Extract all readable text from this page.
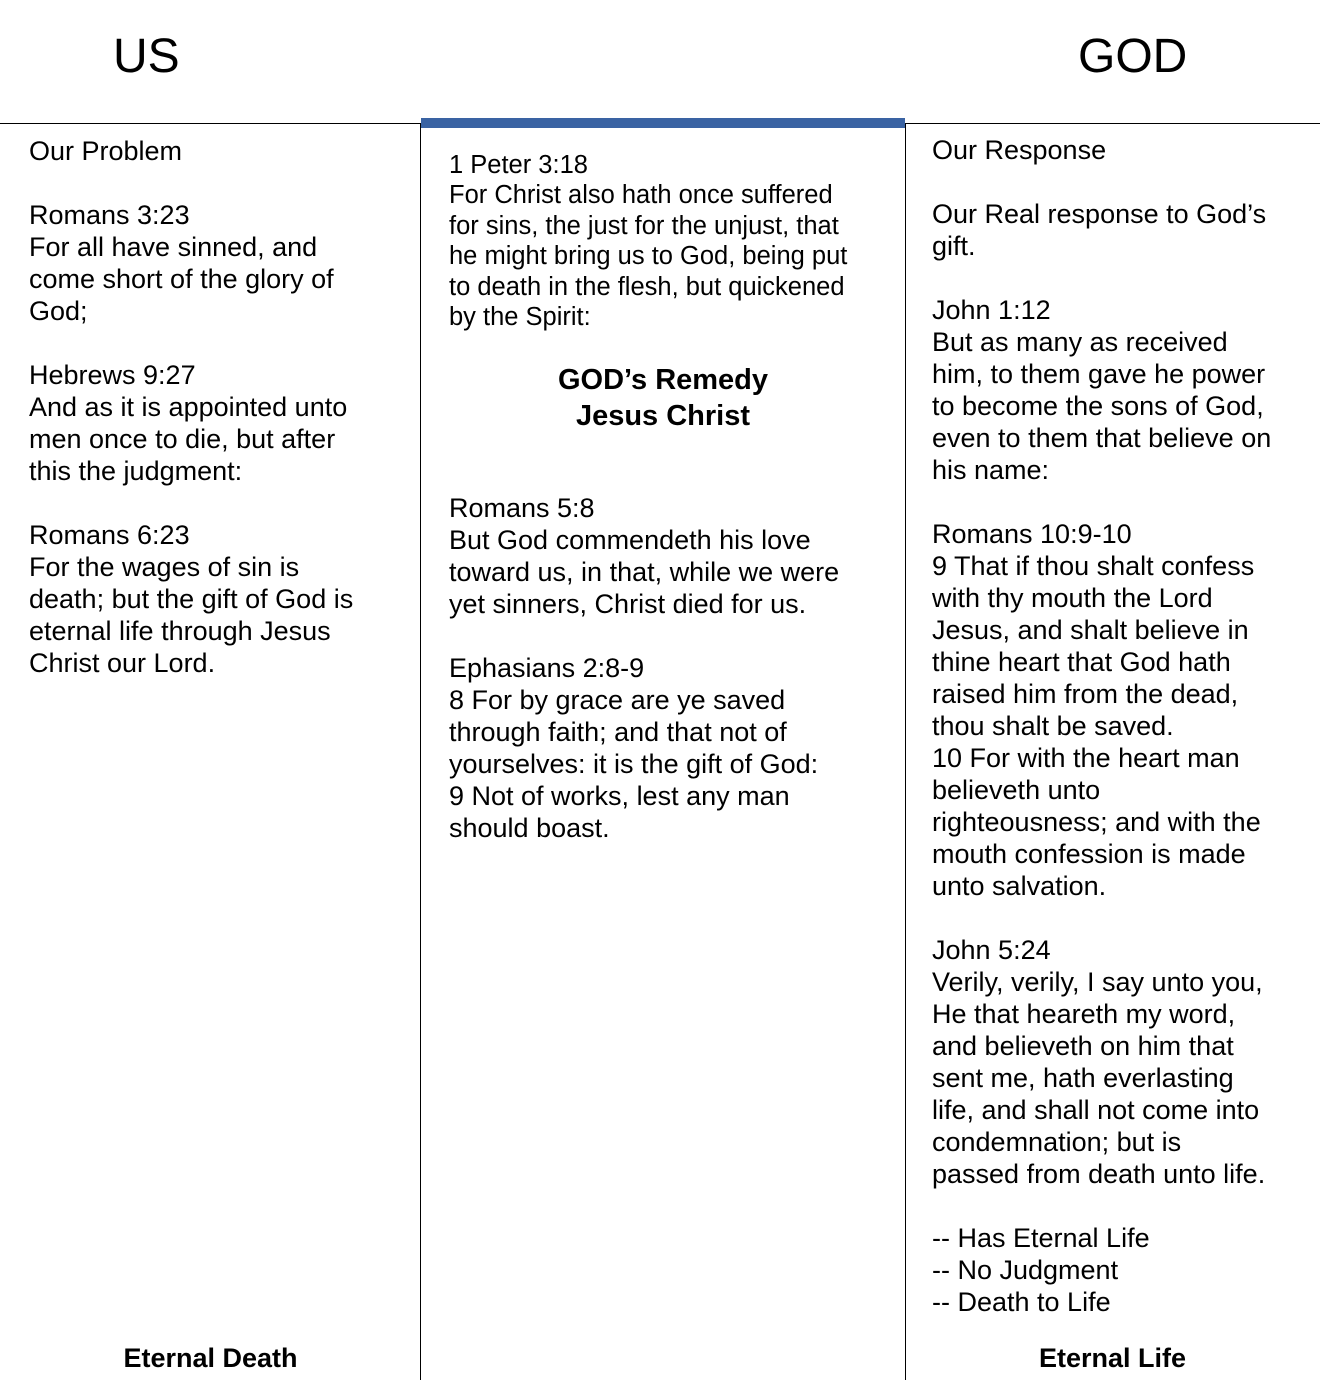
US	GOD
Our Problem
Romans 3:23
For all have sinned, and
come short of the glory of
God;
Hebrews 9:27
And as it is appointed unto
men once to die, but after
this the judgment:
Romans 6:23
For the wages of sin is
death; but the gift of God is
eternal life through Jesus
Christ our Lord.
1 Peter 3:18
For Christ also hath once suffered
for sins, the just for the unjust, that
he might bring us to God, being put
to death in the flesh, but quickened
by the Spirit:
Romans 5:8
But God commendeth his love
toward us, in that, while we were
yet sinners, Christ died for us.
Ephasians 2:8-9
8 For by grace are ye saved
through faith; and that not of
yourselves: it is the gift of God:
9 Not of works, lest any man
should boast.
Our Response
Our Real response to God’s
gift.
John 1:12
But as many as received
him, to them gave he power
to become the sons of God,
even to them that believe on
his name:
Romans 10:9-10
9 That if thou shalt confess
with thy mouth the Lord
Jesus, and shalt believe in
thine heart that God hath
raised him from the dead,
thou shalt be saved.
10 For with the heart man
believeth unto
righteousness; and with the
mouth confession is made
unto salvation.
John 5:24
Verily, verily, I say unto you,
He that heareth my word,
and believeth on him that
sent me, hath everlasting
life, and shall not come into
condemnation; but is
passed from death unto life.
-- Has Eternal Life
-- No Judgment
-- Death to Life
GOD’s Remedy
Jesus Christ
Eternal Death	Eternal Life
